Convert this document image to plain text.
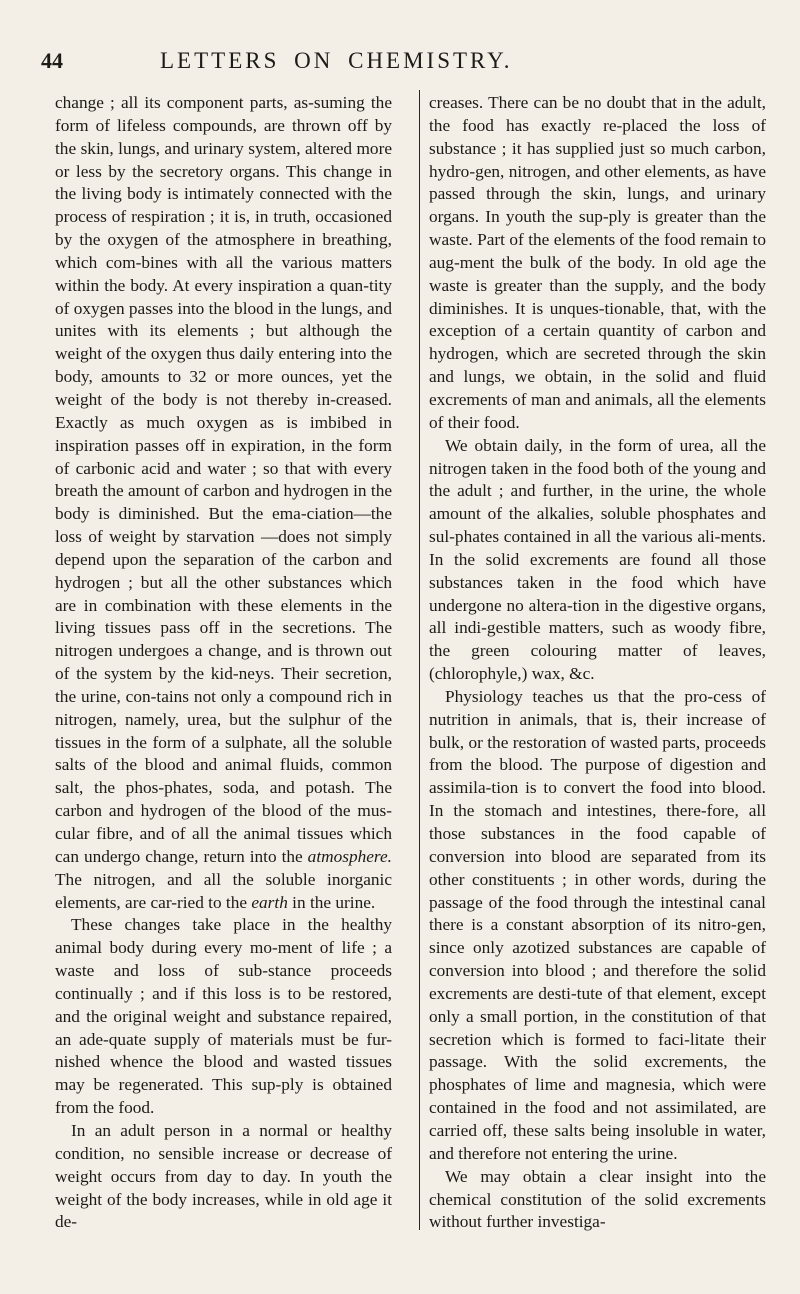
44	LETTERS ON CHEMISTRY.

change ; all its component parts, as-suming the form of lifeless compounds, are thrown off by the skin, lungs, and urinary system, altered more or less by the secretory organs. This change in the living body is intimately connected with the process of respiration ; it is, in truth, occasioned by the oxygen of the atmosphere in breathing, which com-bines with all the various matters within the body. At every inspiration a quan-tity of oxygen passes into the blood in the lungs, and unites with its elements ; but although the weight of the oxygen thus daily entering into the body, amounts to 32 or more ounces, yet the weight of the body is not thereby in-creased. Exactly as much oxygen as is imbibed in inspiration passes off in expiration, in the form of carbonic acid and water ; so that with every breath the amount of carbon and hydrogen in the body is diminished. But the ema-ciation—the loss of weight by starvation —does not simply depend upon the separation of the carbon and hydrogen ; but all the other substances which are in combination with these elements in the living tissues pass off in the secretions. The nitrogen undergoes a change, and is thrown out of the system by the kid-neys. Their secretion, the urine, con-tains not only a compound rich in nitrogen, namely, urea, but the sulphur of the tissues in the form of a sulphate, all the soluble salts of the blood and animal fluids, common salt, the phos-phates, soda, and potash. The carbon and hydrogen of the blood of the mus-cular fibre, and of all the animal tissues which can undergo change, return into the atmosphere. The nitrogen, and all the soluble inorganic elements, are car-ried to the earth in the urine.

These changes take place in the healthy animal body during every mo-ment of life ; a waste and loss of sub-stance proceeds continually ; and if this loss is to be restored, and the original weight and substance repaired, an ade-quate supply of materials must be fur-nished whence the blood and wasted tissues may be regenerated. This sup-ply is obtained from the food.

In an adult person in a normal or healthy condition, no sensible increase or decrease of weight occurs from day to day. In youth the weight of the body increases, while in old age it de-

creases. There can be no doubt that in the adult, the food has exactly re-placed the loss of substance ; it has supplied just so much carbon, hydro-gen, nitrogen, and other elements, as have passed through the skin, lungs, and urinary organs. In youth the sup-ply is greater than the waste. Part of the elements of the food remain to aug-ment the bulk of the body. In old age the waste is greater than the supply, and the body diminishes. It is unques-tionable, that, with the exception of a certain quantity of carbon and hydrogen, which are secreted through the skin and lungs, we obtain, in the solid and fluid excrements of man and animals, all the elements of their food.

We obtain daily, in the form of urea, all the nitrogen taken in the food both of the young and the adult ; and further, in the urine, the whole amount of the alkalies, soluble phosphates and sul-phates contained in all the various ali-ments. In the solid excrements are found all those substances taken in the food which have undergone no altera-tion in the digestive organs, all indi-gestible matters, such as woody fibre, the green colouring matter of leaves, (chlorophyle,) wax, &c.

Physiology teaches us that the pro-cess of nutrition in animals, that is, their increase of bulk, or the restoration of wasted parts, proceeds from the blood. The purpose of digestion and assimila-tion is to convert the food into blood. In the stomach and intestines, there-fore, all those substances in the food capable of conversion into blood are separated from its other constituents ; in other words, during the passage of the food through the intestinal canal there is a constant absorption of its nitro-gen, since only azotized substances are capable of conversion into blood ; and therefore the solid excrements are desti-tute of that element, except only a small portion, in the constitution of that secretion which is formed to faci-litate their passage. With the solid excrements, the phosphates of lime and magnesia, which were contained in the food and not assimilated, are carried off, these salts being insoluble in water, and therefore not entering the urine.

We may obtain a clear insight into the chemical constitution of the solid excrements without further investiga-
